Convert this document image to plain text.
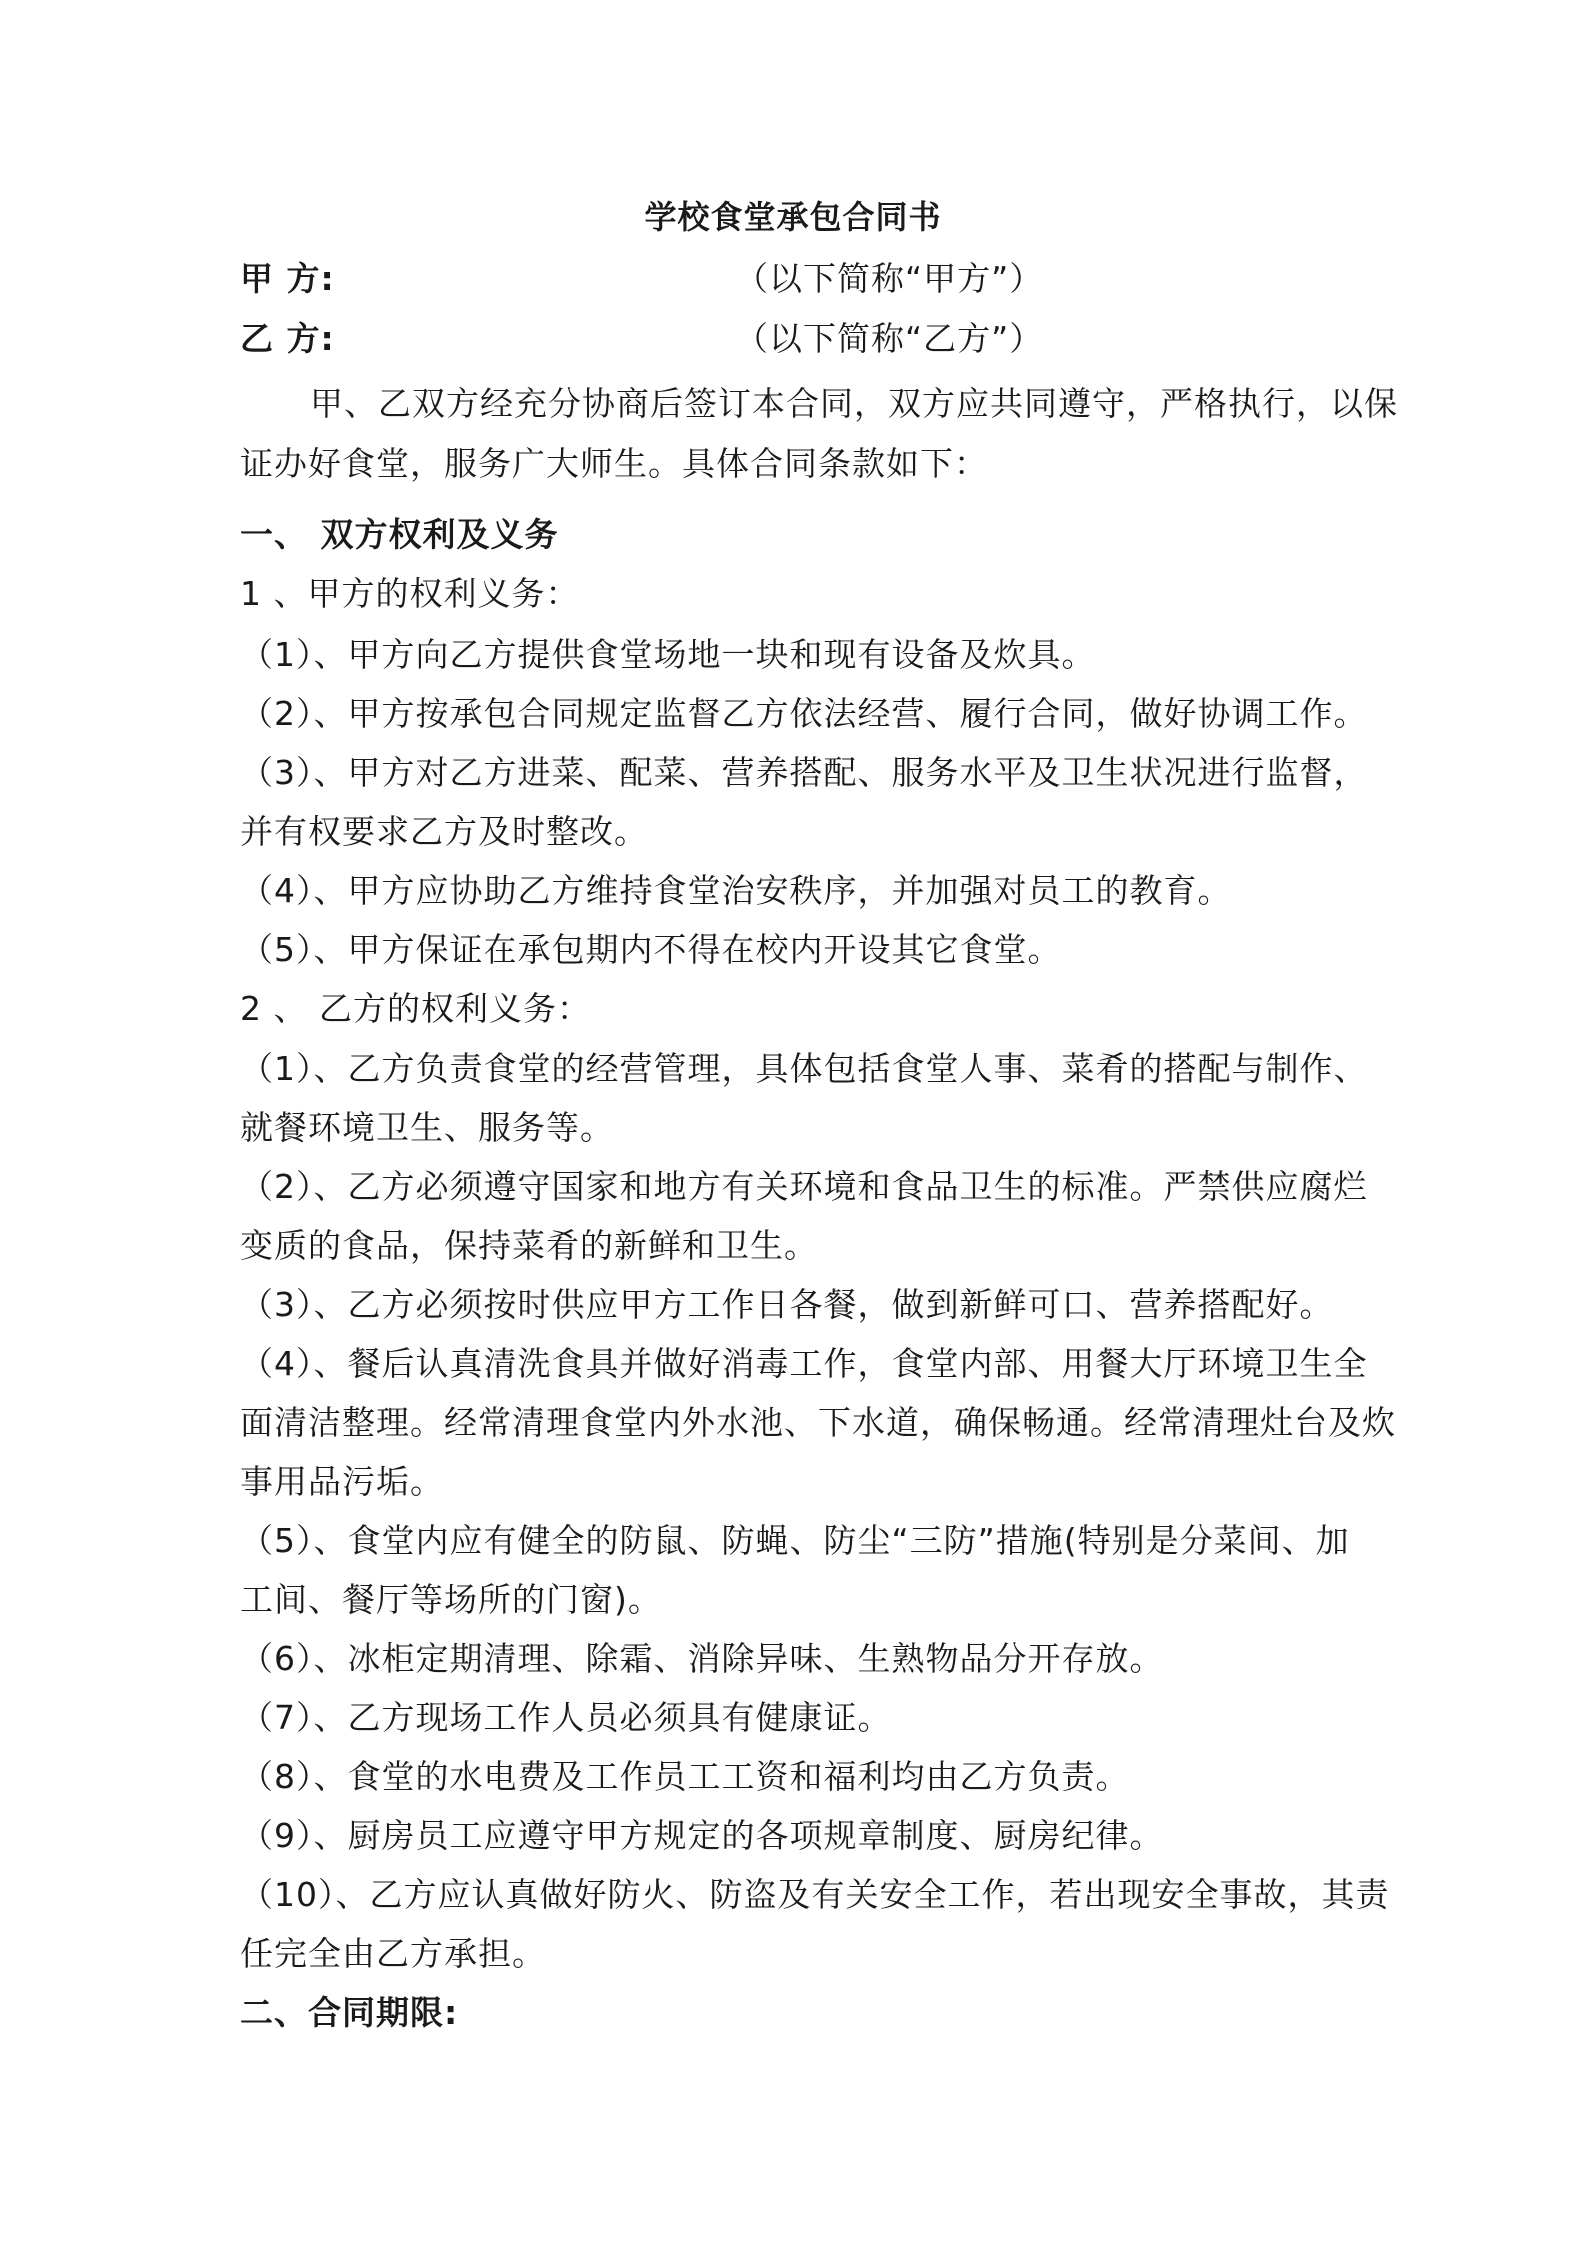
学校食堂承包合同书
甲 方:	（以下简称“甲方”）
乙 方:	（以下简称“乙方”）
甲、乙双方经充分协商后签订本合同，双方应共同遵守，严格执行，以保
证办好食堂，服务广大师生。具体合同条款如下：
一、 双方权利及义务
1 、甲方的权利义务：
（1）、甲方向乙方提供食堂场地一块和现有设备及炊具。
（2）、甲方按承包合同规定监督乙方依法经营、履行合同，做好协调工作。
（3）、甲方对乙方进菜、配菜、营养搭配、服务水平及卫生状况进行监督，
并有权要求乙方及时整改。
（4）、甲方应协助乙方维持食堂治安秩序，并加强对员工的教育。
（5）、甲方保证在承包期内不得在校内开设其它食堂。
2 、 乙方的权利义务：
（1）、乙方负责食堂的经营管理，具体包括食堂人事、菜肴的搭配与制作、
就餐环境卫生、服务等。
（2）、乙方必须遵守国家和地方有关环境和食品卫生的标准。严禁供应腐烂
变质的食品，保持菜肴的新鲜和卫生。
（3）、乙方必须按时供应甲方工作日各餐，做到新鲜可口、营养搭配好。
（4）、餐后认真清洗食具并做好消毒工作，食堂内部、用餐大厅环境卫生全
面清洁整理。经常清理食堂内外水池、下水道，确保畅通。经常清理灶台及炊
事用品污垢。
（5）、食堂内应有健全的防鼠、防蝇、防尘“三防”措施(特别是分菜间、加
工间、餐厅等场所的门窗)。
（6）、冰柜定期清理、除霜、消除异味、生熟物品分开存放。
（7）、乙方现场工作人员必须具有健康证。
（8）、食堂的水电费及工作员工工资和福利均由乙方负责。
（9）、厨房员工应遵守甲方规定的各项规章制度、厨房纪律。
（10）、乙方应认真做好防火、防盗及有关安全工作，若出现安全事故，其责
任完全由乙方承担。
二、合同期限:
